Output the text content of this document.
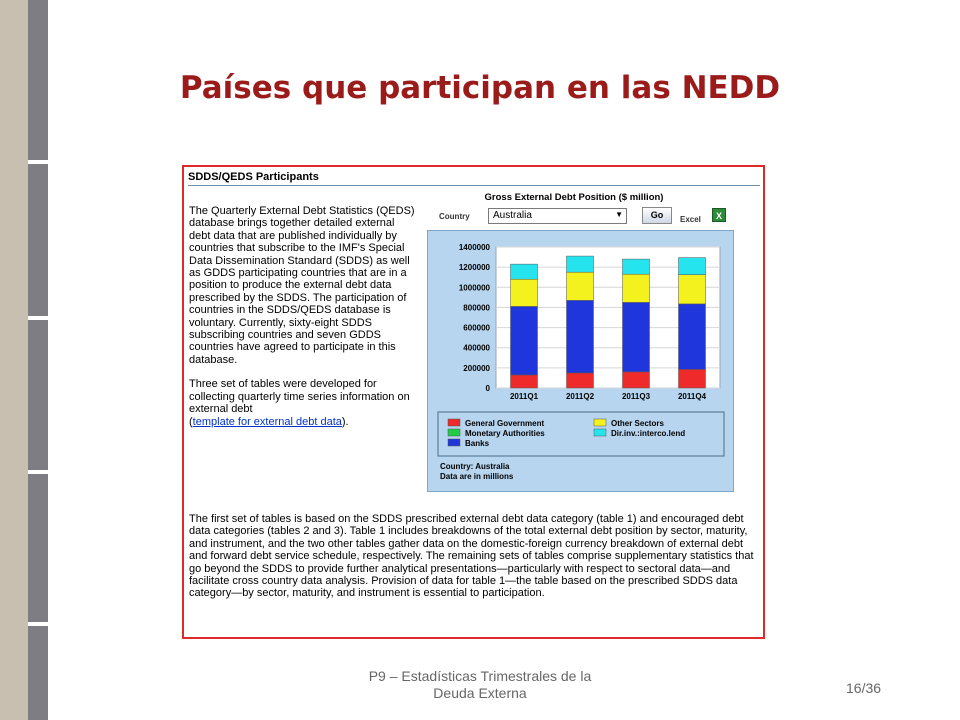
Países que participan en las NEDD
SDDS/QEDS Participants

The Quarterly External Debt Statistics (QEDS) database brings together detailed external debt data that are published individually by countries that subscribe to the IMF's Special Data Dissemination Standard (SDDS) as well as GDDS participating countries that are in a position to produce the external debt data prescribed by the SDDS. The participation of countries in the SDDS/QEDS database is voluntary. Currently, sixty-eight SDDS subscribing countries and seven GDDS countries have agreed to participate in this database.

Three set of tables were developed for collecting quarterly time series information on external debt
(template for external debt data).

Gross External Debt Position ($ million)
Country Australia	▼	Go	Excel	X
1400000
1200000
1000000
800000
600000
400000
200000
0
2011Q1	2011Q2	2011Q3	2011Q4
General Government	Other Sectors
Monetary Authorities	Dir.inv.:interco.lend
Banks
Country: Australia
Data are in millions
The first set of tables is based on the SDDS prescribed external debt data category (table 1) and encouraged debt data categories (tables 2 and 3). Table 1 includes breakdowns of the total external debt position by sector, maturity, and instrument, and the two other tables gather data on the domestic-foreign currency breakdown of external debt and forward debt service schedule, respectively. The remaining sets of tables comprise supplementary statistics that go beyond the SDDS to provide further analytical presentations—particularly with respect to sectoral data—and facilitate cross country data analysis. Provision of data for table 1—the table based on the prescribed SDDS data category—by sector, maturity, and instrument is essential to participation.
P9 – Estadísticas Trimestrales de la
Deuda Externa	16/36
